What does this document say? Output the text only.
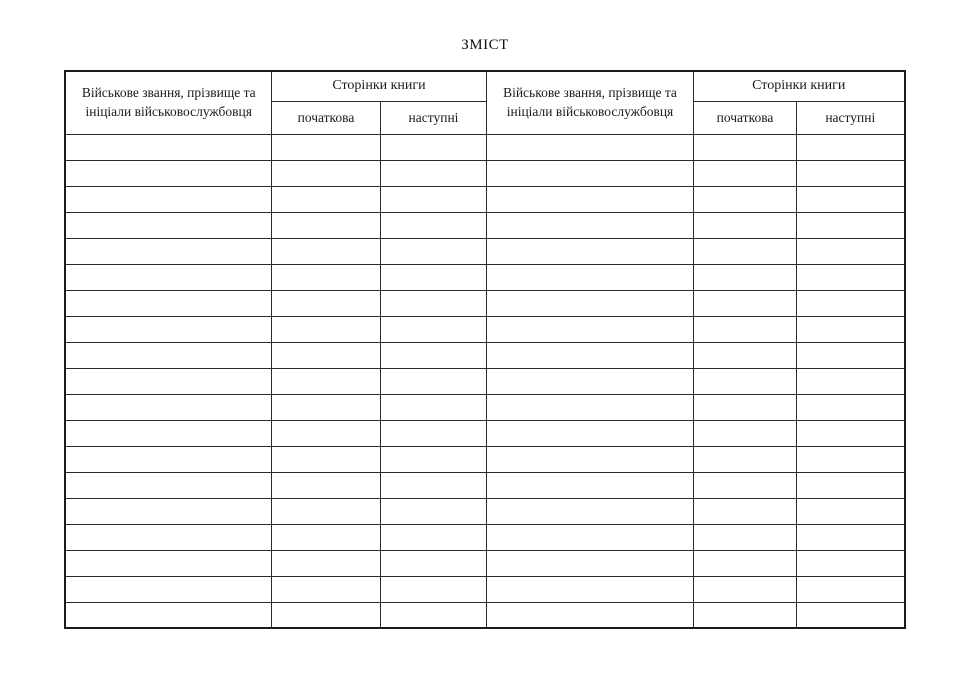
ЗМІСТ
Військове звання, прізвище та ініціали військовослужбовця	Сторінки книги		Військове звання, прізвище та ініціали військовослужбовця	Сторінки книги	
	початкова	наступні		початкова	наступні
